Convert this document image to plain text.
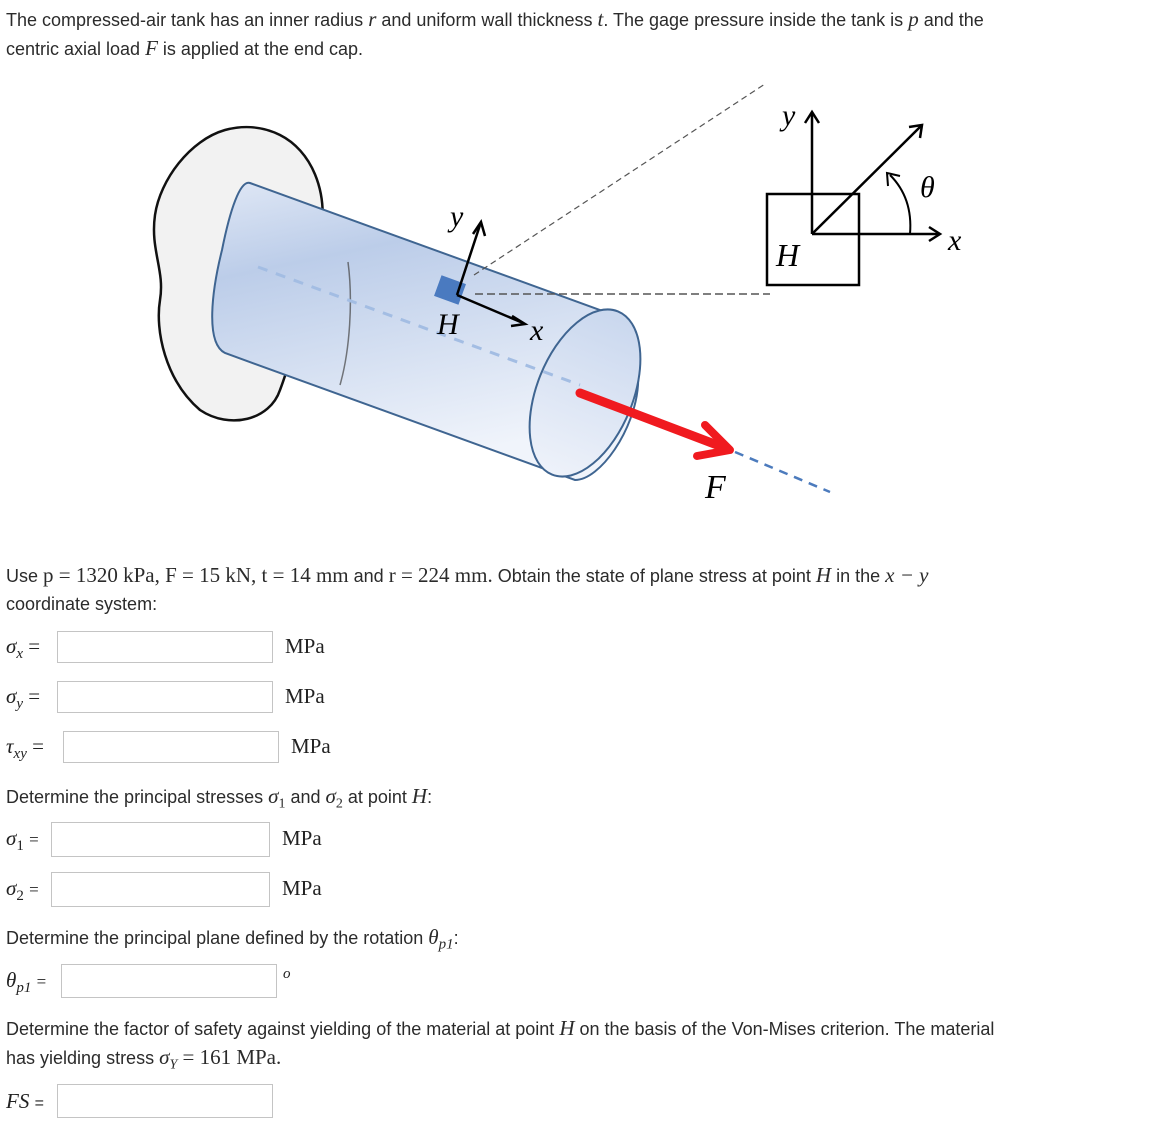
The compressed-air tank has an inner radius r and uniform wall thickness t. The gage pressure inside the tank is p and the
centric axial load F is applied at the end cap.
y
x
H
F
y
x
H
θ
Use p = 1320 kPa, F = 15 kN, t = 14 mm and r = 224 mm. Obtain the state of plane stress at point H in the x − y
coordinate system:
$\sigma_x$ =	MPa
$\sigma_y$ =	MPa
$\tau_{xy}$ =	MPa
Determine the principal stresses $\sigma_1$ and $\sigma_2$ at point H:
$\sigma_1$ =	MPa
$\sigma_2$ =	MPa
Determine the principal plane defined by the rotation $\theta_{p1}$:
$\theta_{p1}$ =	o
Determine the factor of safety against yielding of the material at point H on the basis of the Von-Mises criterion. The material
has yielding stress $\sigma_Y = 161$ MPa.
FS =
